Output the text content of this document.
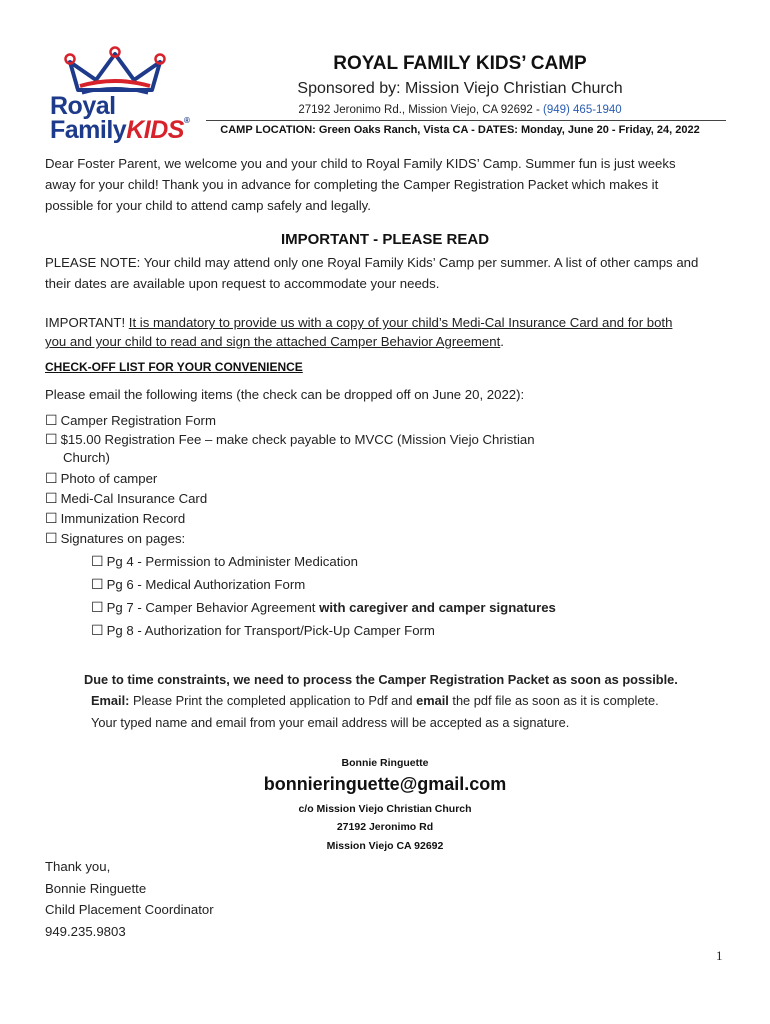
Royal
FamilyKIDS®
ROYAL FAMILY KIDS’ CAMP
Sponsored by: Mission Viejo Christian Church
27192 Jeronimo Rd., Mission Viejo, CA 92692 - (949) 465-1940
CAMP LOCATION: Green Oaks Ranch, Vista CA - DATES: Monday, June 20 - Friday, 24, 2022
Dear Foster Parent, we welcome you and your child to Royal Family KIDS’ Camp. Summer fun is just weeks
away for your child! Thank you in advance for completing the Camper Registration Packet which makes it
possible for your child to attend camp safely and legally.
IMPORTANT - PLEASE READ
PLEASE NOTE: Your child may attend only one Royal Family Kids’ Camp per summer. A list of other camps and
their dates are available upon request to accommodate your needs.
IMPORTANT! It is mandatory to provide us with a copy of your child’s Medi-Cal Insurance Card and for both
you and your child to read and sign the attached Camper Behavior Agreement.
CHECK-OFF LIST FOR YOUR CONVENIENCE
Please email the following items (the check can be dropped off on June 20, 2022):
☐ Camper Registration Form
☐ $15.00 Registration Fee – make check payable to MVCC (Mission Viejo Christian
Church)
☐ Photo of camper
☐ Medi-Cal Insurance Card
☐ Immunization Record
☐ Signatures on pages:
☐ Pg 4 - Permission to Administer Medication
☐ Pg 6 - Medical Authorization Form
☐ Pg 7 - Camper Behavior Agreement with caregiver and camper signatures
☐ Pg 8 - Authorization for Transport/Pick-Up Camper Form
Due to time constraints, we need to process the Camper Registration Packet as soon as possible.
Email: Please Print the completed application to Pdf and email the pdf file as soon as it is complete.
Your typed name and email from your email address will be accepted as a signature.
Bonnie Ringuette
bonnieringuette@gmail.com
c/o Mission Viejo Christian Church
27192 Jeronimo Rd
Mission Viejo CA 92692
Thank you,
Bonnie Ringuette
Child Placement Coordinator
949.235.9803
1
